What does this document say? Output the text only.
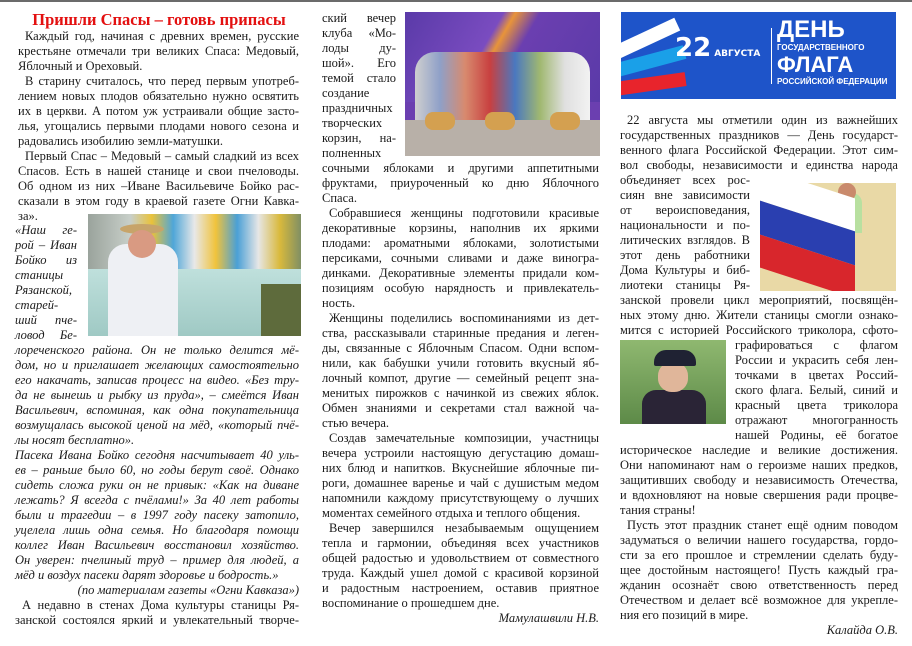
Пришли Спасы – готовь припасы
Каждый год, начиная с древних времен, русские
крестьяне отмечали три великих Спаса: Медовый,
Яблочный и Ореховый.
В старину считалось, что перед первым употреб-
лением новых плодов обязательно нужно освятить
их в церкви. А потом уж устраивали общие засто-
лья, угощались первыми плодами нового сезона и
радовались изобилию земли-матушки.
Первый Спас – Медовый – самый сладкий из всех
Спасов. Есть в нашей станице и свои пчеловоды.
Об одном из них –Иване Васильевиче Бойко рас-
сказали в этом году в краевой газете Огни Кавка-
за».
«Наш ге-
рой – Иван
Бойко из
станицы
Рязанской,
старей-
ший пче-
ловод Бе-
лореченского района. Он не только делится мё-
дом, но и приглашает желающих самостоятельно
его накачать, записав процесс на видео. «Без тру-
да не вынешь и рыбку из пруда», – смеётся Иван
Васильевич, вспоминая, как одна покупательница
возмущалась высокой ценой на мёд, «который пчё-
лы носят бесплатно».
Пасека Ивана Бойко сегодня насчитывает 40 уль-
ев – раньше было 60, но годы берут своё. Однако
сидеть сложа руки он не привык: «Как на диване
лежать? Я всегда с пчёлами!» За 40 лет работы
были и трагедии – в 1997 году пасеку затопило,
уцелела лишь одна семья. Но благодаря помощи
коллег Иван Васильевич восстановил хозяйство.
Он уверен: пчелиный труд – пример для людей, а
мёд и воздух пасеки дарят здоровье и бодрость.»
(по материалам газеты «Огни Кавказа»)
А недавно в стенах Дома культуры станицы Ря-
занской состоялся яркий и увлекательный творче-
ский вечер
клуба «Мо-
лоды ду-
шой». Его
темой стало
создание
праздничных
творческих
корзин, на-
полненных
сочными яблоками и другими аппетитными
фруктами, приуроченный ко дню Яблочного
Спаса.
Собравшиеся женщины подготовили красивые
декоративные корзины, наполнив их яркими
плодами: ароматными яблоками, золотистыми
персиками, сочными сливами и даже виногра-
динками. Декоративные элементы придали ком-
позициям особую нарядность и привлекатель-
ность.
Женщины поделились воспоминаниями из дет-
ства, рассказывали старинные предания и леген-
ды, связанные с Яблочным Спасом. Одни вспом-
нили, как бабушки учили готовить вкусный яб-
лочный компот, другие — семейный рецепт зна-
менитых пирожков с начинкой из свежих яблок.
Обмен знаниями и секретами стал важной ча-
стью вечера.
Создав замечательные композиции, участницы
вечера устроили настоящую дегустацию домаш-
них блюд и напитков. Вкуснейшие яблочные пи-
роги, домашнее варенье и чай с душистым медом
напомнили каждому присутствующему о лучших
моментах семейного отдыха и теплого общения.
Вечер завершился незабываемым ощущением
тепла и гармонии, объединяя всех участников
общей радостью и удовольствием от совместного
труда. Каждый ушел домой с красивой корзиной
и радостным настроением, оставив приятное
воспоминание о прошедшем дне.
Мамулашвили Н.В.
22 АВГУСТА
ДЕНЬ
ГОСУДАРСТВЕННОГО
ФЛАГА
РОССИЙСКОЙ ФЕДЕРАЦИИ
22 августа мы отметили один из важнейших
государственных праздников — День государст-
венного флага Российской Федерации. Этот сим-
вол свободы, независимости и единства народа
объединяет всех рос-
сиян вне зависимости
от вероисповедания,
национальности и по-
литических взглядов. В
этот день работники
Дома Культуры и биб-
лиотеки станицы Ря-
занской провели цикл мероприятий, посвящён-
ных этому дню. Жители станицы смогли ознако-
мится с историей Российского триколора, сфото-
графироваться с флагом
России и украсить себя лен-
точками в цветах Россий-
ского флага. Белый, синий и
красный цвета триколора
отражают многогранность
нашей Родины, её богатое
историческое наследие и великие достижения.
Они напоминают нам о героизме наших предков,
защитивших свободу и независимость Отечества,
и вдохновляют на новые свершения ради процве-
тания страны!
Пусть этот праздник станет ещё одним поводом
задуматься о величии нашего государства, гордо-
сти за его прошлое и стремлении сделать буду-
щее достойным настоящего! Пусть каждый гра-
жданин осознаёт свою ответственность перед
Отечеством и делает всё возможное для укрепле-
ния его позиций в мире.
Калайда О.В.
